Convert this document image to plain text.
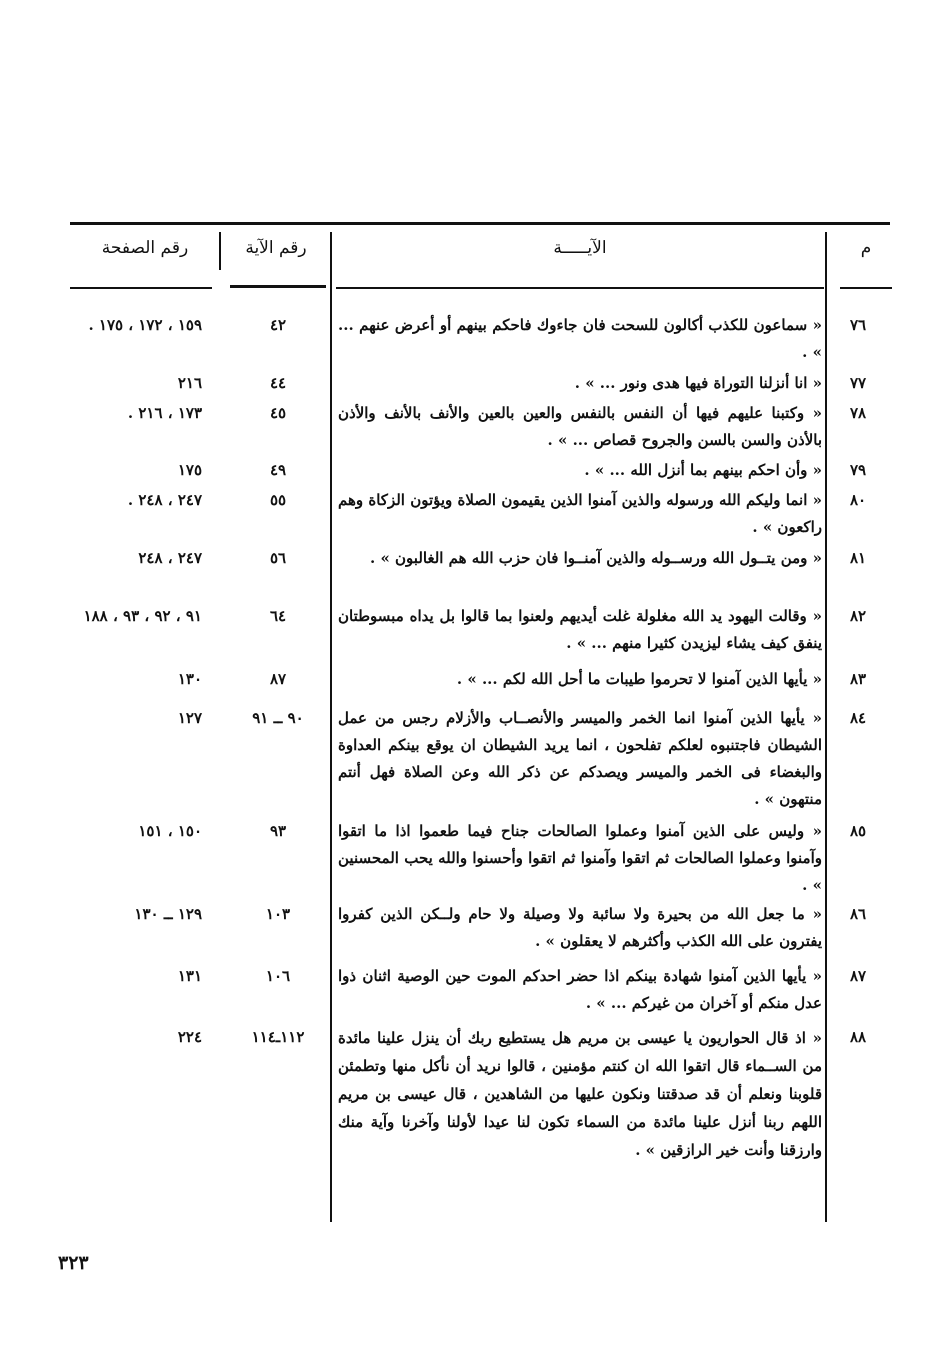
م
الآيـــــة
رقم الآية
رقم الصفحة
٧٦
« سماعون للكذب أكالون للسحت فان جاءوك فاحكم بينهم أو أعرض عنهم ... » .
٤٢
١٥٩ ، ١٧٢ ، ١٧٥ .
٧٧
« انا أنزلنا التوراة فيها هدى ونور ... » .
٤٤
٢١٦
٧٨
« وكتبنا عليهم فيها أن النفس بالنفس والعين بالعين والأنف بالأنف والأذن بالأذن والسن بالسن والجروح قصاص ... » .
٤٥
١٧٣ ، ٢١٦ .
٧٩
« وأن احكم بينهم بما أنزل الله ... » .
٤٩
١٧٥
٨٠
« انما وليكم الله ورسوله والذين آمنوا الذين يقيمون الصلاة ويؤتون الزكاة وهم راكعون » .
٥٥
٢٤٧ ، ٢٤٨ .
٨١
« ومن يتــول الله ورســوله والذين آمنــوا فان حزب الله هم الغالبون » .
٥٦
٢٤٧ ، ٢٤٨
٨٢
« وقالت اليهود يد الله مغلولة غلت أيديهم ولعنوا بما قالوا بل يداه مبسوطتان ينفق كيف يشاء ليزيدن كثيرا منهم ... » .
٦٤
٩١ ، ٩٢ ، ٩٣ ، ١٨٨
٨٣
« يأيها الذين آمنوا لا تحرموا طيبات ما أحل الله لكم ... » .
٨٧
١٣٠
٨٤
« يأيها الذين آمنوا انما الخمر والميسر والأنصــاب والأزلام رجس من عمل الشيطان فاجتنبوه لعلكم تفلحون ، انما يريد الشيطان ان يوقع بينكم العداوة والبغضاء فى الخمر والميسر ويصدكم عن ذكر الله وعن الصلاة فهل أنتم منتهون » .
٩٠ ــ ٩١
١٢٧
٨٥
« وليس على الذين آمنوا وعملوا الصالحات جناح فيما طعموا اذا ما اتقوا وآمنوا وعملوا الصالحات ثم اتقوا وآمنوا ثم اتقوا وأحسنوا والله يحب المحسنين » .
٩٣
١٥٠ ، ١٥١
٨٦
« ما جعل الله من بحيرة ولا سائبة ولا وصيلة ولا حام ولــكن الذين كفروا يفترون على الله الكذب وأكثرهم لا يعقلون » .
١٠٣
١٢٩ ــ ١٣٠
٨٧
« يأيها الذين آمنوا شهادة بينكم اذا حضر احدكم الموت حين الوصية اثنان ذوا عدل منكم أو آخران من غيركم ... » .
١٠٦
١٣١
٨٨
« اذ قال الحواريون يا عيسى بن مريم هل يستطيع ربك أن ينزل علينا مائدة من الســماء قال اتقوا الله ان كنتم مؤمنين ، قالوا نريد أن نأكل منها وتطمئن قلوبنا ونعلم أن قد صدقتنا ونكون عليها من الشاهدين ، قال عيسى بن مريم اللهم ربنا أنزل علينا مائدة من السماء تكون لنا عيدا لأولنا وآخرنا وآية منك وارزقنا وأنت خير الرازقين » .
١١٢ـ١١٤
٢٢٤
٣٢٣
